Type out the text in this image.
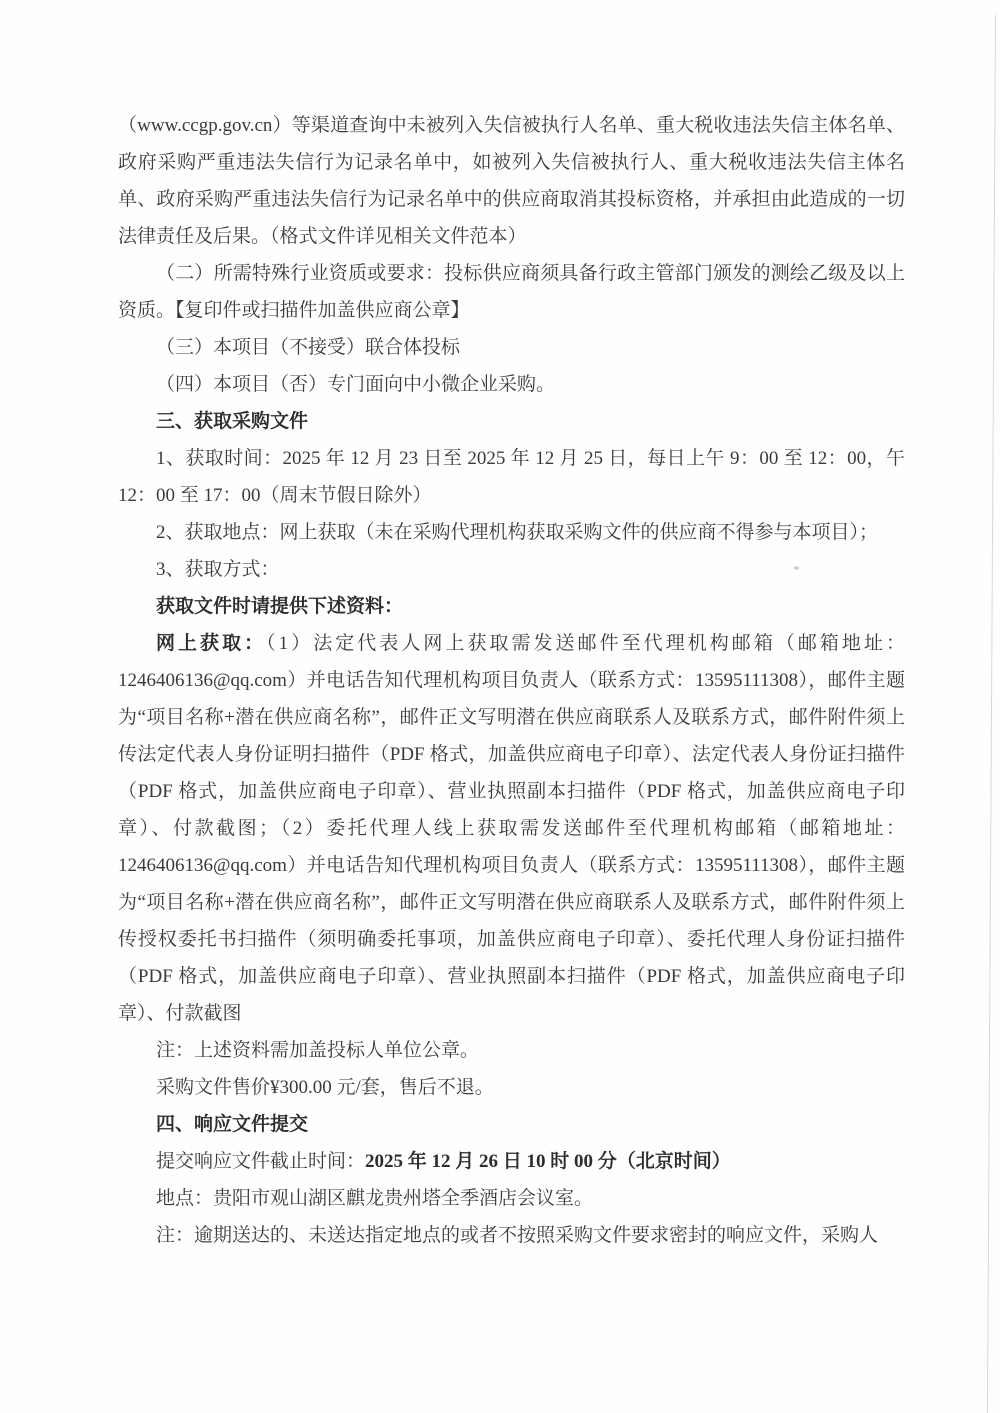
（www.ccgp.gov.cn）等渠道查询中未被列入失信被执行人名单、重大税收违法失信主体名单、政府采购严重违法失信行为记录名单中，如被列入失信被执行人、重大税收违法失信主体名单、政府采购严重违法失信行为记录名单中的供应商取消其投标资格，并承担由此造成的一切法律责任及后果。（格式文件详见相关文件范本）

（二）所需特殊行业资质或要求：投标供应商须具备行政主管部门颁发的测绘乙级及以上资质。【复印件或扫描件加盖供应商公章】

（三）本项目（不接受）联合体投标

（四）本项目（否）专门面向中小微企业采购。

三、获取采购文件

1、获取时间：2025 年 12 月 23 日至 2025 年 12 月 25 日，每日上午 9：00 至 12：00，午 12：00 至 17：00（周末节假日除外）

2、获取地点：网上获取（未在采购代理机构获取采购文件的供应商不得参与本项目）；

3、获取方式：

获取文件时请提供下述资料：

网上获取：（1）法定代表人网上获取需发送邮件至代理机构邮箱（邮箱地址：1246406136@qq.com）并电话告知代理机构项目负责人（联系方式：13595111308），邮件主题为“项目名称+潜在供应商名称”，邮件正文写明潜在供应商联系人及联系方式，邮件附件须上传法定代表人身份证明扫描件（PDF 格式，加盖供应商电子印章）、法定代表人身份证扫描件（PDF 格式，加盖供应商电子印章）、营业执照副本扫描件（PDF 格式，加盖供应商电子印章）、付款截图；（2）委托代理人线上获取需发送邮件至代理机构邮箱（邮箱地址：1246406136@qq.com）并电话告知代理机构项目负责人（联系方式：13595111308），邮件主题为“项目名称+潜在供应商名称”，邮件正文写明潜在供应商联系人及联系方式，邮件附件须上传授权委托书扫描件（须明确委托事项，加盖供应商电子印章）、委托代理人身份证扫描件（PDF 格式，加盖供应商电子印章）、营业执照副本扫描件（PDF 格式，加盖供应商电子印章）、付款截图

注：上述资料需加盖投标人单位公章。

采购文件售价¥300.00 元/套，售后不退。

四、响应文件提交

提交响应文件截止时间：2025 年 12 月 26 日 10 时 00 分（北京时间）

地点：贵阳市观山湖区麒龙贵州塔全季酒店会议室。

注：逾期送达的、未送达指定地点的或者不按照采购文件要求密封的响应文件，采购人
